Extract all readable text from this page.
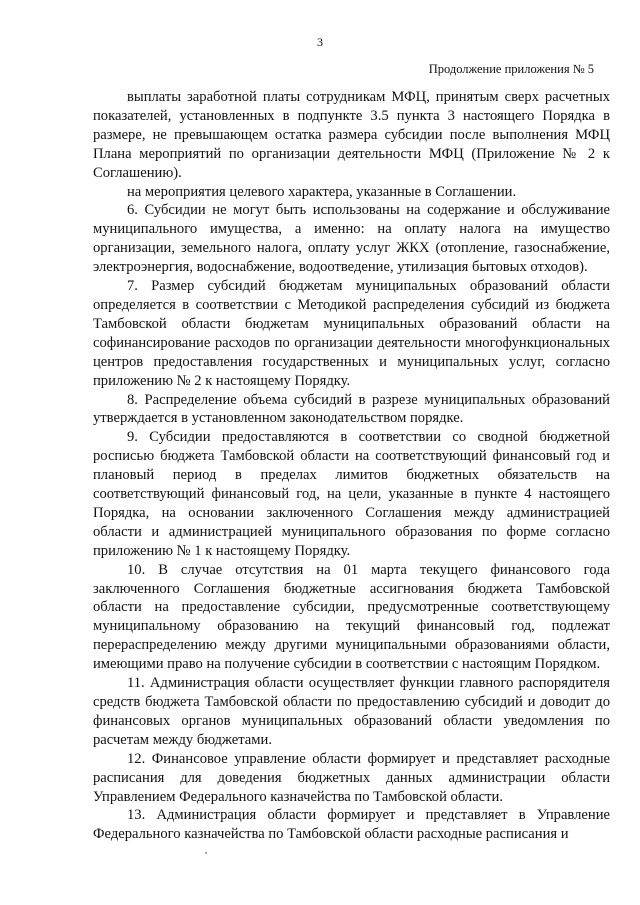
3
Продолжение приложения № 5

выплаты заработной платы сотрудникам МФЦ, принятым сверх расчетных показателей, установленных в подпункте 3.5 пункта 3 настоящего Порядка в размере, не превышающем остатка размера субсидии после выполнения МФЦ Плана мероприятий по организации деятельности МФЦ (Приложение № 2 к Соглашению).

на мероприятия целевого характера, указанные в Соглашении.

6. Субсидии не могут быть использованы на содержание и обслуживание муниципального имущества, а именно: на оплату налога на имущество организации, земельного налога, оплату услуг ЖКХ (отопление, газоснабжение, электроэнергия, водоснабжение, водоотведение, утилизация бытовых отходов).

7. Размер субсидий бюджетам муниципальных образований области определяется в соответствии с Методикой распределения субсидий из бюджета Тамбовской области бюджетам муниципальных образований области на софинансирование расходов по организации деятельности многофункциональных центров предоставления государственных и муниципальных услуг, согласно приложению № 2 к настоящему Порядку.

8. Распределение объема субсидий в разрезе муниципальных образований утверждается в установленном законодательством порядке.

9. Субсидии предоставляются в соответствии со сводной бюджетной росписью бюджета Тамбовской области на соответствующий финансовый год и плановый период в пределах лимитов бюджетных обязательств на соответствующий финансовый год, на цели, указанные в пункте 4 настоящего Порядка, на основании заключенного Соглашения между администрацией области и администрацией муниципального образования по форме согласно приложению № 1 к настоящему Порядку.

10. В случае отсутствия на 01 марта текущего финансового года заключенного Соглашения бюджетные ассигнования бюджета Тамбовской области на предоставление субсидии, предусмотренные соответствующему муниципальному образованию на текущий финансовый год, подлежат перераспределению между другими муниципальными образованиями области, имеющими право на получение субсидии в соответствии с настоящим Порядком.

11. Администрация области осуществляет функции главного распорядителя средств бюджета Тамбовской области по предоставлению субсидий и доводит до финансовых органов муниципальных образований области уведомления по расчетам между бюджетами.

12. Финансовое управление области формирует и представляет расходные расписания для доведения бюджетных данных администрации области Управлением Федерального казначейства по Тамбовской области.

13. Администрация области формирует и представляет в Управление Федерального казначейства по Тамбовской области расходные расписания и
